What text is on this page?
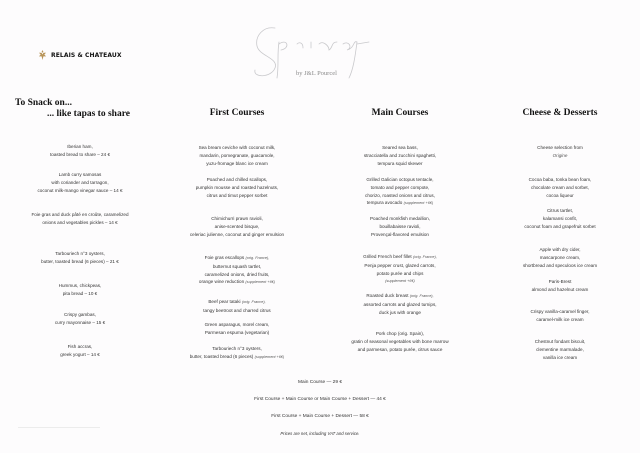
RELAIS & CHATEAUX
by J&L Pourcel
To Snack on...
... like tapas to share
Iberian ham,
toasted bread to share – 24 €
Lamb curry samosas
with coriander and tarragon,
coconut milk-mango vinegar sauce – 14 €
Foie gras and duck pâté en croûte, caramelized
onions and vegetables pickles – 14 €
Tarbouriech n°3 oysters,
butter, toasted bread (6 pieces) – 21 €
Hummus, chickpeas,
pita bread – 10 €
Crispy gambas,
curry mayonnaise – 15 €
Fish accras,
greek yogurt – 14 €
First Courses
Sea bream ceviche with coconut milk,
mandarin, pomegranate, guacamole,
yuzu-fromage blanc ice cream
Poached and chilled scallops,
pumpkin mousse and roasted hazelnuts,
citrus and timut pepper sorbet
Chimichurri prawn ravioli,
anise-scented bisque,
celeriac julienne, coconut and ginger emulsion
Foie gras escallops (orig. France),
butternut squash tartlet,
caramelized onions, dried fruits,
orange wine reduction (supplement +6€)
Beef pear tataki (orig. France),
tangy beetroot and charred citrus
Green asparagus, morel cream,
Parmesan espuma (vegetarian)
Tarbouriech n°3 oysters,
butter, toasted bread (6 pieces) (supplement +6€)
Main Courses
Seared sea bass,
stracciatella and zucchini spaghetti,
tempura squid skewer
Grilled Galician octopus tentacle,
tomato and pepper compote,
chorizo, roasted onions and citrus,
tempura avocado (supplement +6€)
Poached monkfish medallion,
bouillabaisse ravioli,
Provençal-flavored emulsion
Grilled French beef fillet (orig. France),
Penja pepper crust, glazed carrots,
potato purée and chips
(supplement +6€)
Roasted duck breast (orig. France),
assorted carrots and glazed turnips,
duck jus with orange
Pork chop (orig. Spain),
gratin of seasonal vegetables with bone marrow
and parmesan, potato purée, citrus sauce
Cheese & Desserts
Cheese selection from
Origine
Cocoa baba, tonka bean foam,
chocolate cream and sorbet,
cocoa liqueur
Citrus tartlet,
kalamansi confit,
coconut foam and grapefruit sorbet
Apple with dry cider,
mascarpone cream,
shortbread and speculoos ice cream
Paris-Brest
almond and hazelnut cream
Crispy vanilla-caramel finger,
caramel-milk ice cream
Chestnut fondant biscuit,
clementine marmalade,
vanilla ice cream
Main Course — 29 €
First Course + Main Course or Main Course + Dessert — 44 €
First Course + Main Course + Dessert — 58 €
Prices are net, including VAT and service.
